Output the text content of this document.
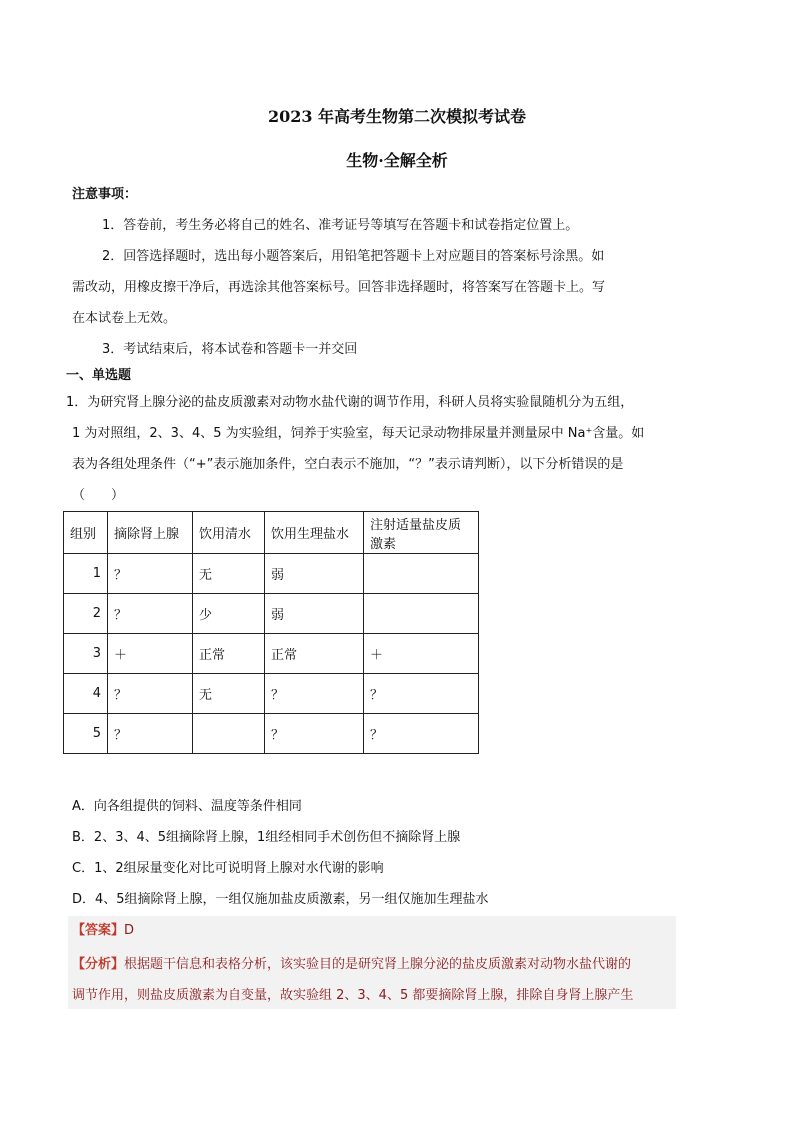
2023 年高考生物第二次模拟考试卷
生物·全解全析
注意事项：
1．答卷前，考生务必将自己的姓名、准考证号等填写在答题卡和试卷指定位置上。
2．回答选择题时，选出每小题答案后，用铅笔把答题卡上对应题目的答案标号涂黑。如
需改动，用橡皮擦干净后，再选涂其他答案标号。回答非选择题时，将答案写在答题卡上。写
在本试卷上无效。
3．考试结束后，将本试卷和答题卡一并交回
一、单选题
1．为研究肾上腺分泌的盐皮质激素对动物水盐代谢的调节作用，科研人员将实验鼠随机分为五组，
1 为对照组，2、3、4、5 为实验组，饲养于实验室，每天记录动物排尿量并测量尿中 Na⁺含量。如
表为各组处理条件（“+”表示施加条件，空白表示不施加，“？”表示请判断），以下分析错误的是
（　　）
组别	摘除肾上腺	饮用清水	饮用生理盐水	注射适量盐皮质激素
1	？	无	弱	
2	？	少	弱	
3	＋	正常	正常	＋
4	？	无	？	？
5	？		？	？
A．向各组提供的饲料、温度等条件相同
B．2、3、4、5组摘除肾上腺，1组经相同手术创伤但不摘除肾上腺
C．1、2组尿量变化对比可说明肾上腺对水代谢的影响
D．4、5组摘除肾上腺，一组仅施加盐皮质激素，另一组仅施加生理盐水
【答案】D
【分析】根据题干信息和表格分析，该实验目的是研究肾上腺分泌的盐皮质激素对动物水盐代谢的
调节作用，则盐皮质激素为自变量，故实验组 2、3、4、5 都要摘除肾上腺，排除自身肾上腺产生
